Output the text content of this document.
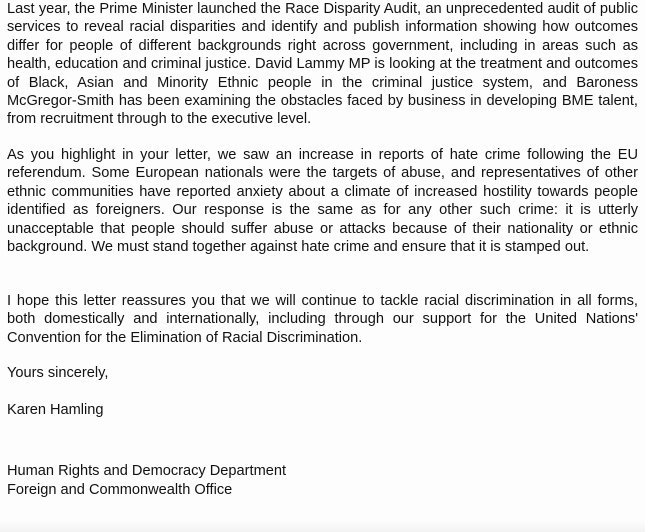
Last year, the Prime Minister launched the Race Disparity Audit, an unprecedented audit of public services to reveal racial disparities and identify and publish information showing how outcomes differ for people of different backgrounds right across government, including in areas such as health, education and criminal justice. David Lammy MP is looking at the treatment and outcomes of Black, Asian and Minority Ethnic people in the criminal justice system, and Baroness McGregor-Smith has been examining the obstacles faced by business in developing BME talent, from recruitment through to the executive level.

As you highlight in your letter, we saw an increase in reports of hate crime following the EU referendum. Some European nationals were the targets of abuse, and representatives of other ethnic communities have reported anxiety about a climate of increased hostility towards people identified as foreigners. Our response is the same as for any other such crime: it is utterly unacceptable that people should suffer abuse or attacks because of their nationality or ethnic background. We must stand together against hate crime and ensure that it is stamped out.

I hope this letter reassures you that we will continue to tackle racial discrimination in all forms, both domestically and internationally, including through our support for the United Nations' Convention for the Elimination of Racial Discrimination.

Yours sincerely,

Karen Hamling

Human Rights and Democracy Department

Foreign and Commonwealth Office
